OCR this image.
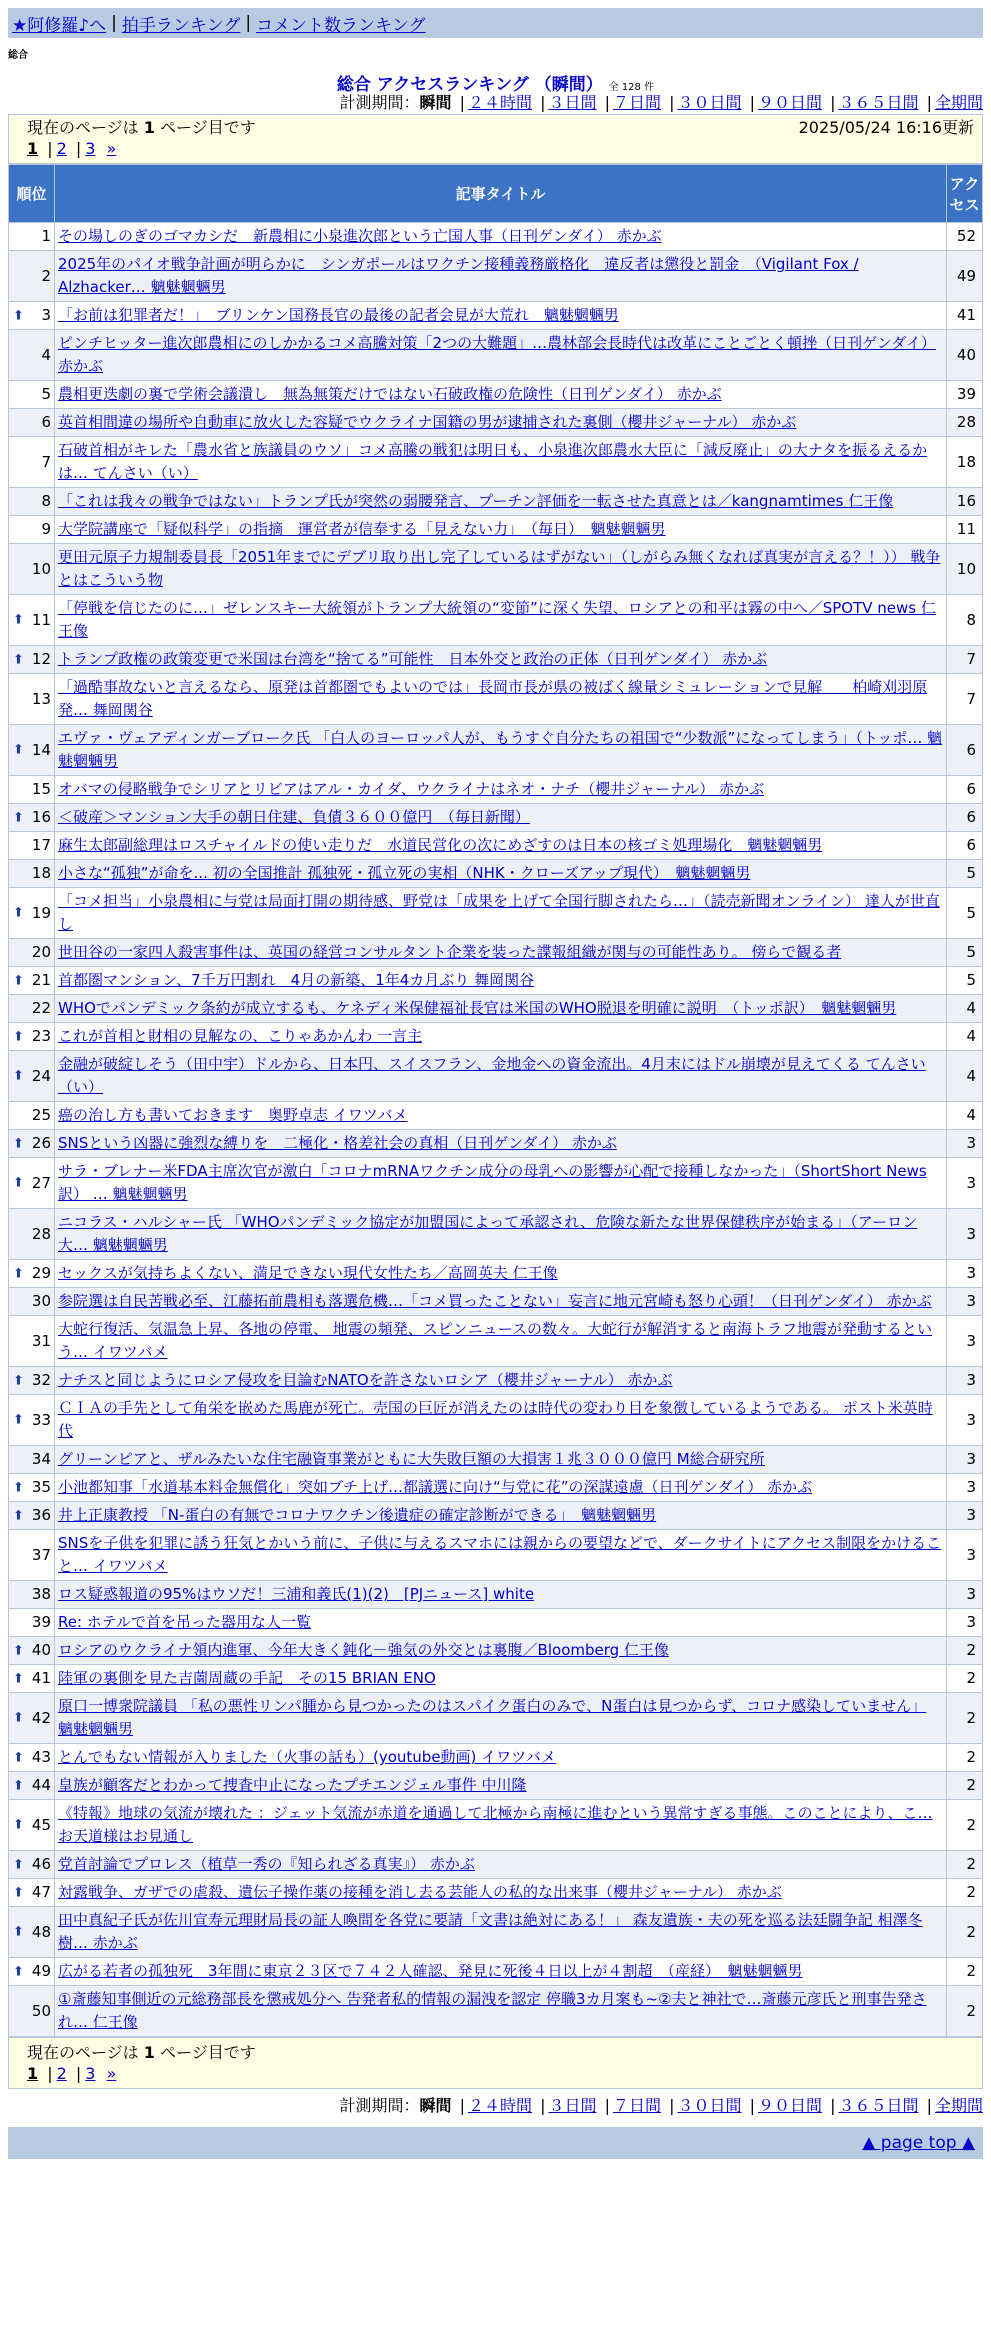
★阿修羅♪へ | 拍手ランキング | コメント数ランキング
総合
総合 アクセスランキング （瞬間） 全 128 件
計測期間：瞬間 | ２４時間 | ３日間 | ７日間 | ３０日間 | ９０日間 | ３６５日間 | 全期間
現在のページは 1 ページ目です	2025/05/24 16:16更新
1 | 2 | 3 »
順位	記事タイトル	アクセス
1	その場しのぎのゴマカシだ　新農相に小泉進次郎という亡国人事（日刊ゲンダイ） 赤かぶ	52
2	2025年のパイオ戦争計画が明らかに　シンガポールはワクチン接種義務厳格化　違反者は懲役と罰金　（Vigilant Fox / Alzhacker… 魑魅魍魎男	49

⬆ 3	「お前は犯罪者だ！」　ブリンケン国務長官の最後の記者会見が大荒れ　魑魅魍魎男	41
4	ピンチヒッター進次郎農相にのしかかるコメ高騰対策「2つの大難題」…農林部会長時代は改革にことごとく頓挫（日刊ゲンダイ） 赤かぶ	40
5	農相更迭劇の裏で学術会議潰し　無為無策だけではない石破政権の危険性（日刊ゲンダイ） 赤かぶ	39
6	英首相間違の場所や自動車に放火した容疑でウクライナ国籍の男が逮捕された裏側（櫻井ジャーナル） 赤かぶ	28
7	石破首相がキレた「農水省と族議員のウソ」コメ高騰の戦犯は明日も、小泉進次郎農水大臣に「減反廃止」の大ナタを振るえるかは… てんさい（い）	18
8	「これは我々の戦争ではない」トランプ氏が突然の弱腰発言、プーチン評価を一転させた真意とは／kangnamtimes 仁王像	16
9	大学院講座で「疑似科学」の指摘　運営者が信奉する「見えない力」　（毎日）　魑魅魍魎男	11
10	更田元原子力規制委員長「2051年までにデブリ取り出し完了しているはずがない」（しがらみ無くなれば真実が言える？！）） 戦争とはこういう物	10

⬆ 11	「停戦を信じたのに…」ゼレンスキー大統領がトランプ大統領の“変節”に深く失望、ロシアとの和平は霧の中へ／SPOTV news 仁王像	8

⬆ 12	トランプ政権の政策変更で米国は台湾を“捨てる”可能性　日本外交と政治の正体（日刊ゲンダイ） 赤かぶ	7
13	「過酷事故ないと言えるなら、原発は首都圏でもよいのでは」長岡市長が県の被ばく線量シミュレーションで見解　　柏崎刈羽原発… 舞岡関谷	7

⬆ 14	エヴァ・ヴェアディンガーブローク氏 「白人のヨーロッパ人が、もうすぐ自分たちの祖国で“少数派”になってしまう」（トッポ… 魑魅魍魎男	6
15	オバマの侵略戦争でシリアとリビアはアル・カイダ、ウクライナはネオ・ナチ（櫻井ジャーナル） 赤かぶ	6

⬆ 16	＜破産＞マンション大手の朝日住建、負債３６００億円　（毎日新聞）	6
17	麻生太郎副総理はロスチャイルドの使い走りだ　水道民営化の次にめざすのは日本の核ゴミ処理場化　魑魅魍魎男	6
18	小さな“孤独”が命を... 初の全国推計 孤独死・孤立死の実相（NHK・クローズアップ現代）　魑魅魍魎男	5

⬆ 19	「コメ担当」小泉農相に与党は局面打開の期待感、野党は「成果を上げて全国行脚されたら…」（読売新聞オンライン） 達人が世直し	5
20	世田谷の一家四人殺害事件は、英国の経営コンサルタント企業を装った諜報組織が関与の可能性あり。 傍らで観る者	5

⬆ 21	首都圏マンション、7千万円割れ　4月の新築、1年4カ月ぶり 舞岡関谷	5
22	WHOでパンデミック条約が成立するも、ケネディ米保健福祉長官は米国のWHO脱退を明確に説明　（トッポ訳）　魑魅魍魎男	4

⬆ 23	これが首相と財相の見解なの、こりゃあかんわ 一言主	4

⬆ 24	金融が破綻しそう（田中宇）ドルから、日本円、スイスフラン、金地金への資金流出。4月末にはドル崩壊が見えてくる てんさい（い）	4
25	癌の治し方も書いておきます　奥野卓志 イワツバメ	4

⬆ 26	SNSという凶器に強烈な縛りを　二極化・格差社会の真相（日刊ゲンダイ） 赤かぶ	3

⬆ 27	サラ・ブレナー米FDA主席次官が激白「コロナmRNAワクチン成分の母乳への影響が心配で接種しなかった」（ShortShort News訳） … 魑魅魍魎男	3
28	ニコラス・ハルシャー氏 「WHOパンデミック協定が加盟国によって承認され、危険な新たな世界保健秩序が始まる」（アーロン大… 魑魅魍魎男	3

⬆ 29	セックスが気持ちよくない、満足できない現代女性たち／高岡英夫 仁王像	3
30	参院選は自民苦戦必至、江藤拓前農相も落選危機…「コメ買ったことない」妄言に地元宮崎も怒り心頭！（日刊ゲンダイ） 赤かぶ	3
31	大蛇行復活、気温急上昇、各地の停電、 地震の頻発、スピンニュースの数々。大蛇行が解消すると南海トラフ地震が発動するという… イワツバメ	3

⬆ 32	ナチスと同じようにロシア侵攻を目論むNATOを許さないロシア（櫻井ジャーナル） 赤かぶ	3

⬆ 33	ＣＩＡの手先として角栄を嵌めた馬鹿が死亡。売国の巨匠が消えたのは時代の変わり目を象徴しているようである。 ポスト米英時代	3
34	グリーンピアと、ザルみたいな住宅融資事業がともに大失敗巨額の大損害１兆３０００億円 M総合研究所	3

⬆ 35	小池都知事「水道基本料金無償化」突如ブチ上げ…都議選に向け“与党に花”の深謀遠慮（日刊ゲンダイ） 赤かぶ	3

⬆ 36	井上正康教授 「N-蛋白の有無でコロナワクチン後遺症の確定診断ができる」　魑魅魍魎男	3
37	SNSを子供を犯罪に誘う狂気とかいう前に、子供に与えるスマホには親からの要望などで、ダークサイトにアクセス制限をかけること… イワツバメ	3
38	ロス疑惑報道の95%はウソだ！三浦和義氏(1)(2)　[PJニュース] white	3
39	Re: ホテルで首を吊った器用な人一覧	3

⬆ 40	ロシアのウクライナ領内進軍、今年大きく鈍化－強気の外交とは裏腹／Bloomberg 仁王像	2

⬆ 41	陸軍の裏側を見た吉薗周蔵の手記　その15 BRIAN ENO	2

⬆ 42	原口一博衆院議員 「私の悪性リンパ腫から見つかったのはスパイク蛋白のみで、N蛋白は見つからず、コロナ感染していません」 魑魅魍魎男	2

⬆ 43	とんでもない情報が入りました（火事の話も）(youtube動画) イワツバメ	2

⬆ 44	皇族が顧客だとわかって捜査中止になったプチエンジェル事件 中川隆	2

⬆ 45	《特報》地球の気流が壊れた ：ジェット気流が赤道を通過して北極から南極に進むという異常すぎる事態。このことにより、こ… お天道様はお見通し	2

⬆ 46	党首討論でプロレス（植草一秀の『知られざる真実』） 赤かぶ	2

⬆ 47	対露戦争、ガザでの虐殺、遺伝子操作薬の接種を消し去る芸能人の私的な出来事（櫻井ジャーナル） 赤かぶ	2

⬆ 48	田中真紀子氏が佐川宣寿元理財局長の証人喚問を各党に要請「文書は絶対にある！」 森友遺族・夫の死を巡る法廷闘争記 相澤冬樹… 赤かぶ	2

⬆ 49	広がる若者の孤独死　3年間に東京２３区で７４２人確認、発見に死後４日以上が４割超　（産経）　魑魅魍魎男	2
50	①斎藤知事側近の元総務部長を懲戒処分へ 告発者私的情報の漏洩を認定 停職3カ月案も~②夫と神社で…斎藤元彦氏と刑事告発され… 仁王像	2
現在のページは 1 ページ目です
1 | 2 | 3 »
計測期間：瞬間 | ２４時間 | ３日間 | ７日間 | ３０日間 | ９０日間 | ３６５日間 | 全期間
▲ page top ▲
